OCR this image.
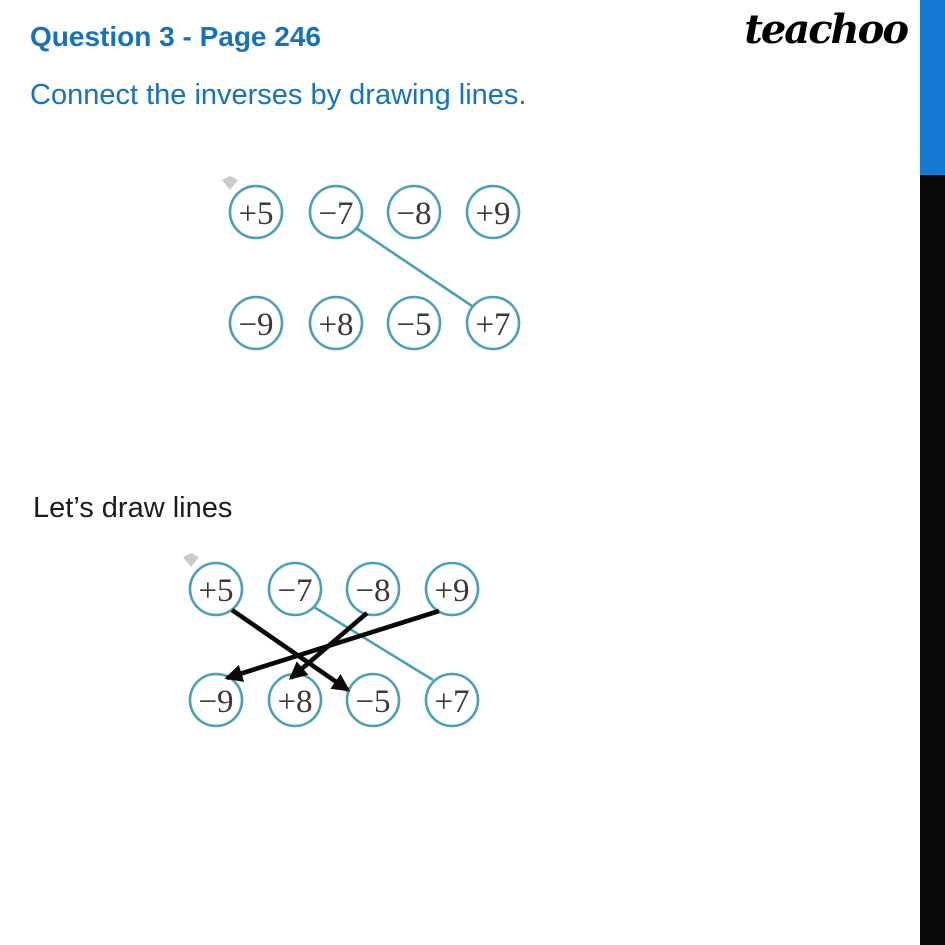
Question 3 - Page 246	teachoo
Connect the inverses by drawing lines.
Let’s draw lines
+5 −7 −8 +9
−9 +8 −5 +7
+5 −7 −8 +9
−9 +8 −5 +7
